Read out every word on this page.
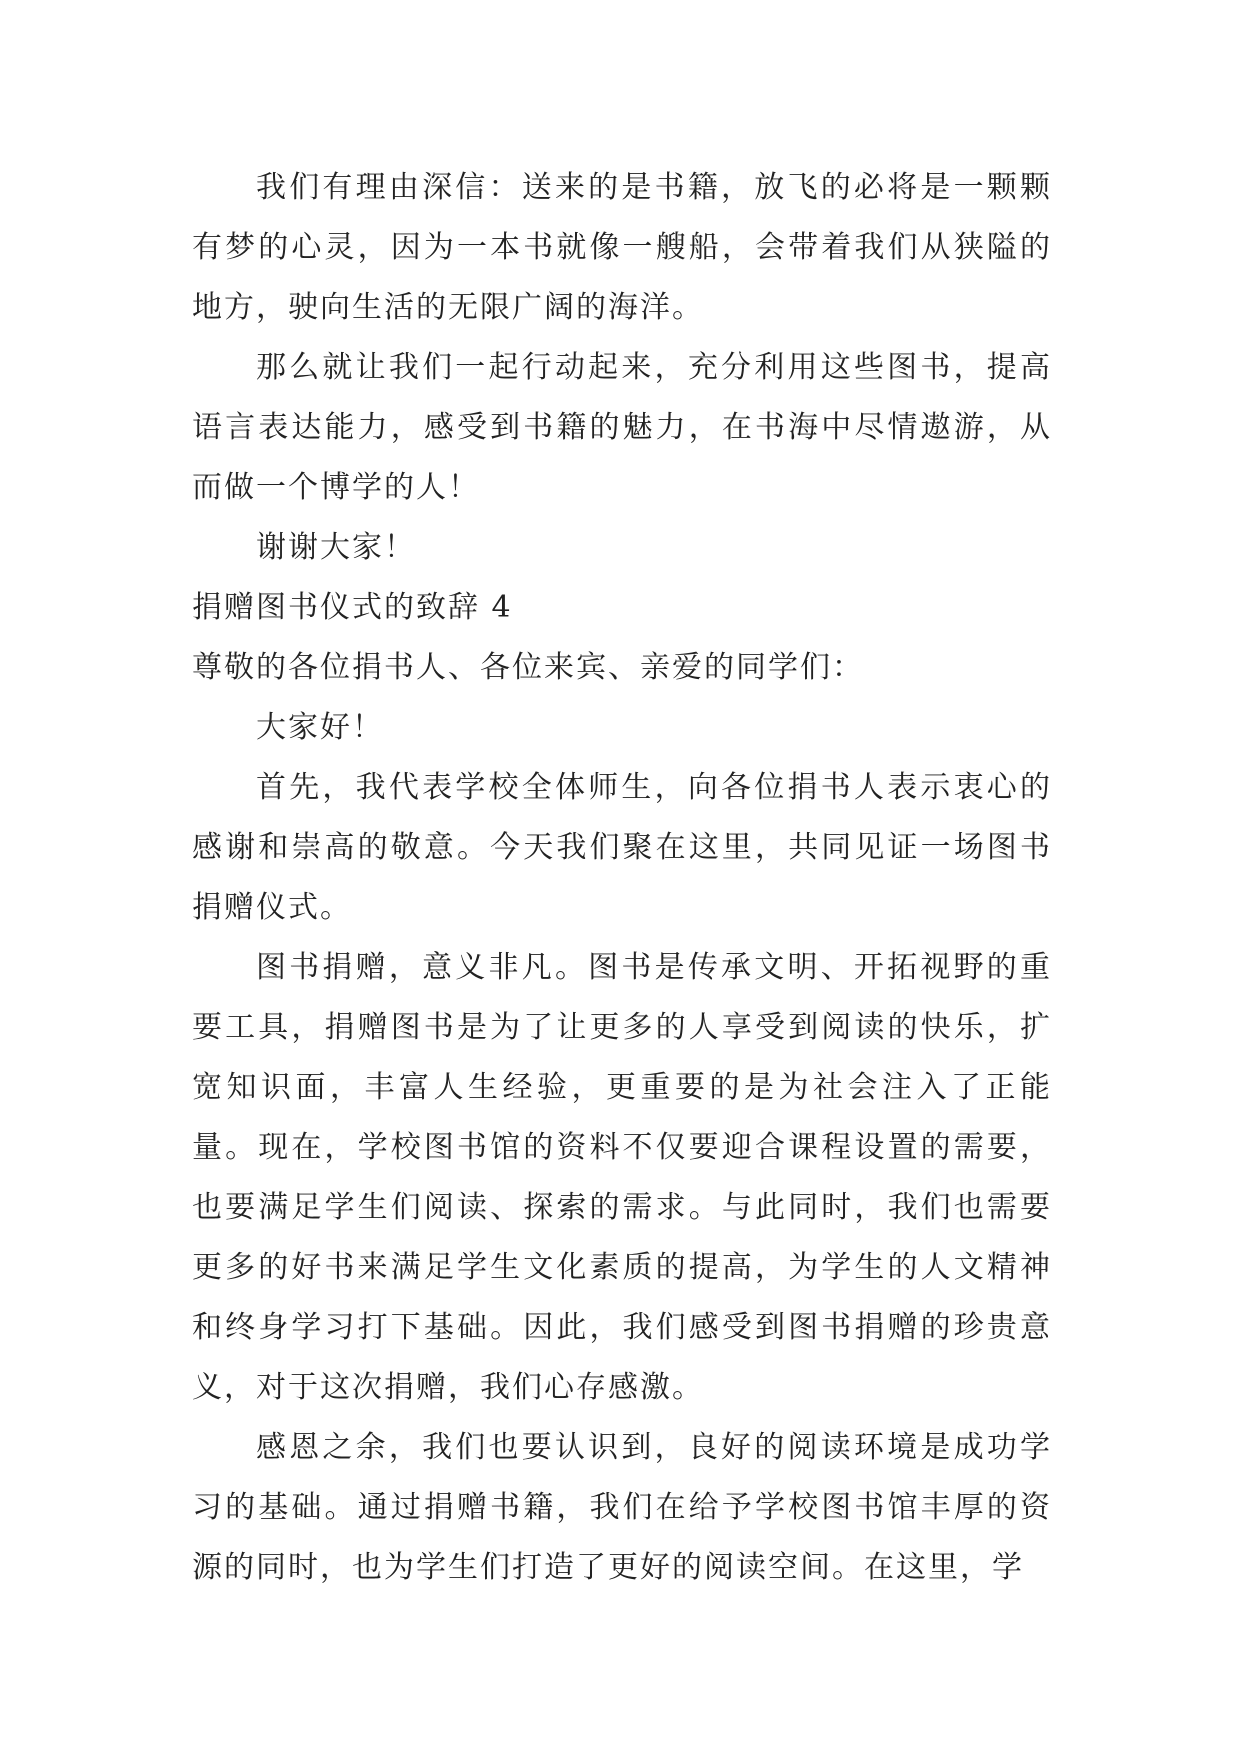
我们有理由深信：送来的是书籍，放飞的必将是一颗颗有梦的心灵，因为一本书就像一艘船，会带着我们从狭隘的地方，驶向生活的无限广阔的海洋。

那么就让我们一起行动起来，充分利用这些图书，提高语言表达能力，感受到书籍的魅力，在书海中尽情遨游，从而做一个博学的人！

谢谢大家！

捐赠图书仪式的致辞 4

尊敬的各位捐书人、各位来宾、亲爱的同学们：

大家好！

首先，我代表学校全体师生，向各位捐书人表示衷心的感谢和崇高的敬意。今天我们聚在这里，共同见证一场图书捐赠仪式。

图书捐赠，意义非凡。图书是传承文明、开拓视野的重要工具，捐赠图书是为了让更多的人享受到阅读的快乐，扩宽知识面，丰富人生经验，更重要的是为社会注入了正能量。现在，学校图书馆的资料不仅要迎合课程设置的需要，也要满足学生们阅读、探索的需求。与此同时，我们也需要更多的好书来满足学生文化素质的提高，为学生的人文精神和终身学习打下基础。因此，我们感受到图书捐赠的珍贵意义，对于这次捐赠，我们心存感激。

感恩之余，我们也要认识到，良好的阅读环境是成功学习的基础。通过捐赠书籍，我们在给予学校图书馆丰厚的资源的同时，也为学生们打造了更好的阅读空间。在这里，学
